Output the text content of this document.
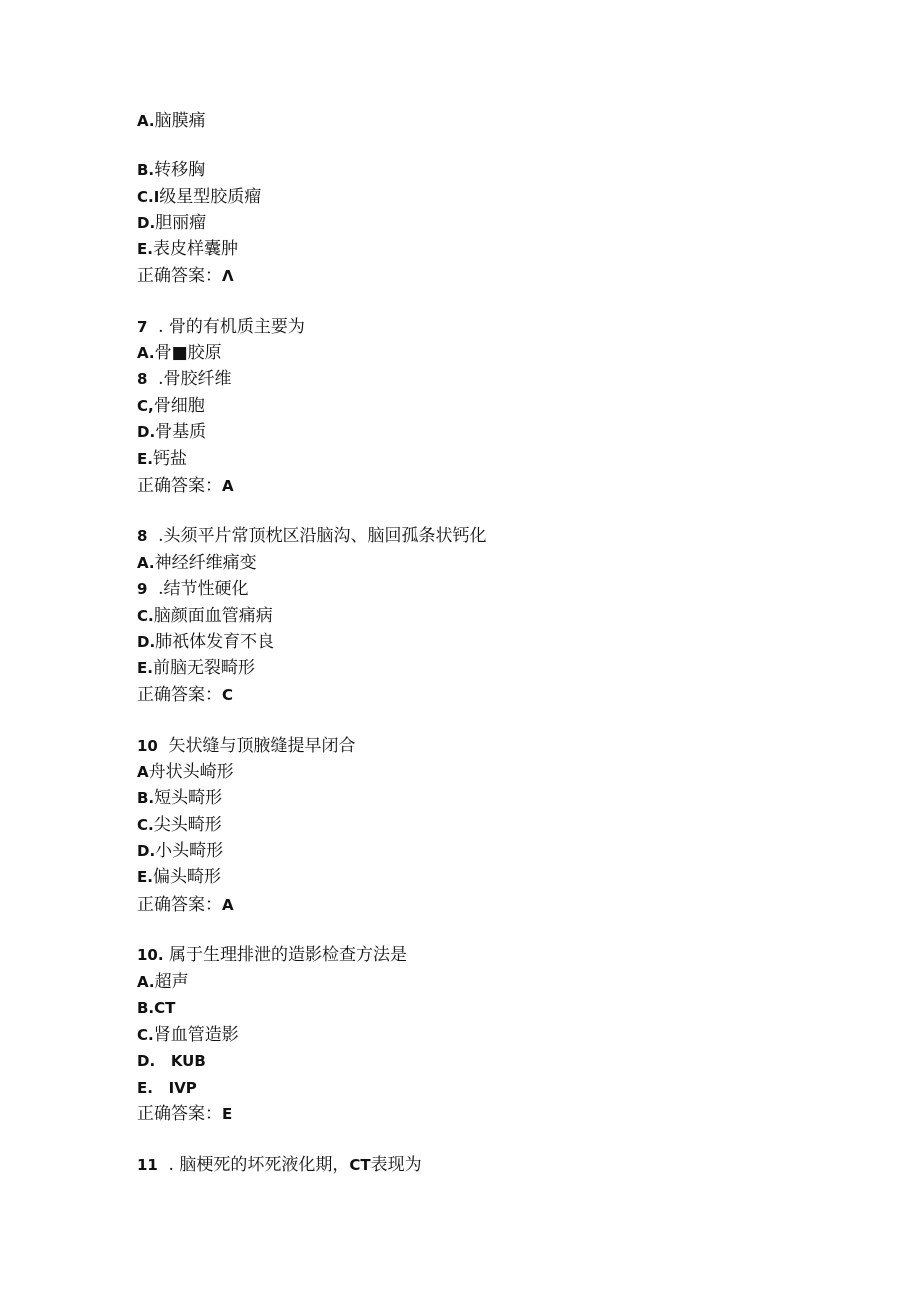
A.脑膜痛
B.转移胸
C.I级星型胶质瘤
D.胆丽瘤
E.表皮样囊肿
正确答案：Λ
7  . 骨的有机质主要为
A.骨■胶原
8  .骨胶纤维
C,骨细胞
D.骨基质
E.钙盐
正确答案：A
8  .头须平片常顶枕区沿脑沟、脑回孤条状钙化
A.神经纤维痛变
9  .结节性硬化
C.脑颜面血管痛病
D.肺祇体发育不良
E.前脑无裂畸形
正确答案：C
10  矢状缝与顶腋缝提早闭合
A舟状头崎形
B.短头畸形
C.尖头畸形
D.小头畸形
E.偏头畸形
正确答案：A
10. 属于生理排泄的造影检查方法是
A.超声
B.CT
C.肾血管造影
D.   KUB
E.   IVP
正确答案：E
11  . 脑梗死的坏死液化期，CT表现为
